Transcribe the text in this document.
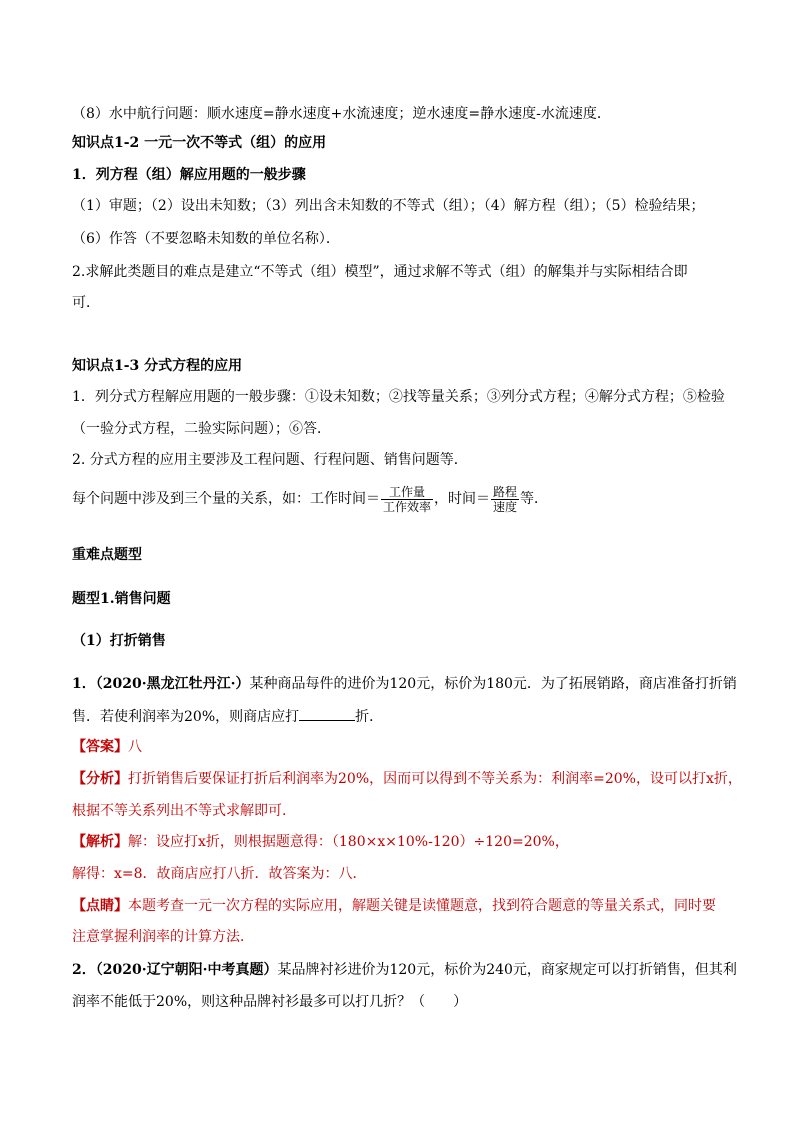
（8）水中航行问题：顺水速度=静水速度+水流速度；逆水速度=静水速度-水流速度．
知识点1-2 一元一次不等式（组）的应用
1．列方程（组）解应用题的一般步骤
（1）审题；（2）设出未知数；（3）列出含未知数的不等式（组）；（4）解方程（组）；（5）检验结果；
（6）作答（不要忽略未知数的单位名称）．
2.求解此类题目的难点是建立“不等式（组）模型”，通过求解不等式（组）的解集并与实际相结合即
可．
知识点1-3 分式方程的应用
1．列分式方程解应用题的一般步骤：①设未知数；②找等量关系；③列分式方程；④解分式方程；⑤检验
（一验分式方程，二验实际问题）；⑥答．
2. 分式方程的应用主要涉及工程问题、行程问题、销售问题等．
每个问题中涉及到三个量的关系，如：工作时间＝ $\frac{\text{工作量}}{\text{工作效率}}$ ，时间＝ $\frac{\text{路程}}{\text{速度}}$ 等．
重难点题型
题型1.销售问题
（1）打折销售
1．（2020·黑龙江牡丹江·）某种商品每件的进价为120元，标价为180元．为了拓展销路，商店准备打折销
售．若使利润率为20%，则商店应打	折．
【答案】八
【分析】打折销售后要保证打折后利润率为20%，因而可以得到不等关系为：利润率=20%，设可以打x折，
根据不等关系列出不等式求解即可.
【解析】解：设应打x折，则根据题意得：（180×x×10%-120）÷120=20%，
解得：x=8．故商店应打八折．故答案为：八．
【点睛】本题考查一元一次方程的实际应用，解题关键是读懂题意，找到符合题意的等量关系式，同时要
注意掌握利润率的计算方法．
2．（2020·辽宁朝阳·中考真题）某品牌衬衫进价为120元，标价为240元，商家规定可以打折销售，但其利
润率不能低于20%，则这种品牌衬衫最多可以打几折？（　　）
